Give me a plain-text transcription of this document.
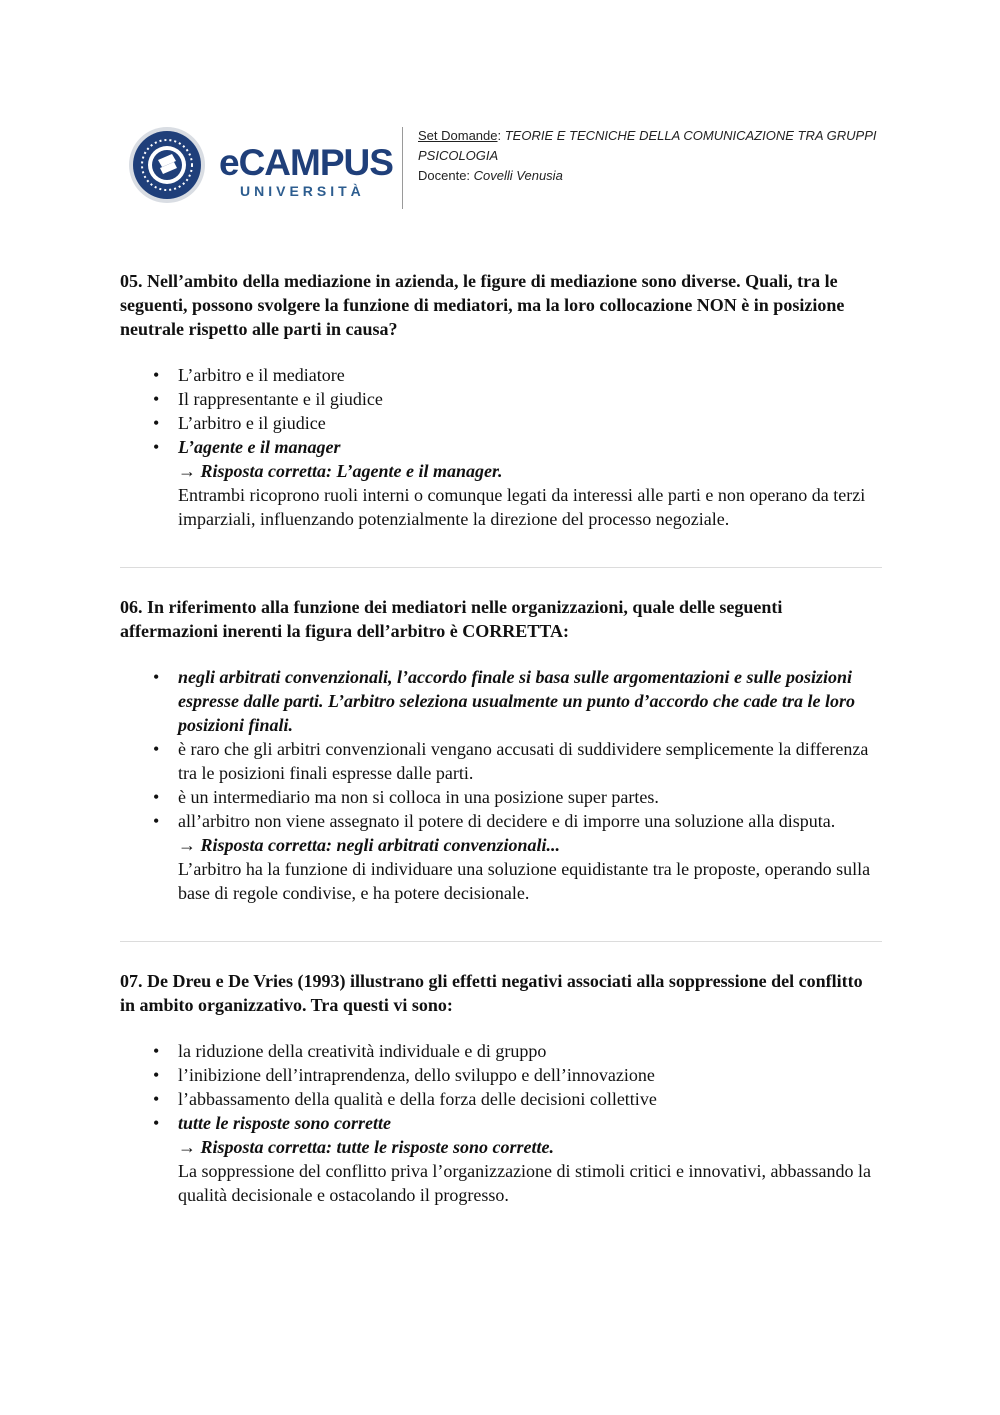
eCAMPUS
UNIVERSITÀ
Set Domande: TEORIE E TECNICHE DELLA COMUNICAZIONE TRA GRUPPI
PSICOLOGIA
Docente: Covelli Venusia

05. Nell’ambito della mediazione in azienda, le figure di mediazione sono diverse. Quali, tra le seguenti, possono svolgere la funzione di mediatori, ma la loro collocazione NON è in posizione neutrale rispetto alle parti in causa?

• L’arbitro e il mediatore
• Il rappresentante e il giudice
• L’arbitro e il giudice
• L’agente e il manager
→ Risposta corretta: L’agente e il manager.
Entrambi ricoprono ruoli interni o comunque legati da interessi alle parti e non operano da terzi imparziali, influenzando potenzialmente la direzione del processo negoziale.

06. In riferimento alla funzione dei mediatori nelle organizzazioni, quale delle seguenti affermazioni inerenti la figura dell’arbitro è CORRETTA:

• negli arbitrati convenzionali, l’accordo finale si basa sulle argomentazioni e sulle posizioni espresse dalle parti. L’arbitro seleziona usualmente un punto d’accordo che cade tra le loro posizioni finali.
• è raro che gli arbitri convenzionali vengano accusati di suddividere semplicemente la differenza tra le posizioni finali espresse dalle parti.
• è un intermediario ma non si colloca in una posizione super partes.
• all’arbitro non viene assegnato il potere di decidere e di imporre una soluzione alla disputa.
→ Risposta corretta: negli arbitrati convenzionali...
L’arbitro ha la funzione di individuare una soluzione equidistante tra le proposte, operando sulla base di regole condivise, e ha potere decisionale.

07. De Dreu e De Vries (1993) illustrano gli effetti negativi associati alla soppressione del conflitto in ambito organizzativo. Tra questi vi sono:

• la riduzione della creatività individuale e di gruppo
• l’inibizione dell’intraprendenza, dello sviluppo e dell’innovazione
• l’abbassamento della qualità e della forza delle decisioni collettive
• tutte le risposte sono corrette
→ Risposta corretta: tutte le risposte sono corrette.
La soppressione del conflitto priva l’organizzazione di stimoli critici e innovativi, abbassando la qualità decisionale e ostacolando il progresso.
